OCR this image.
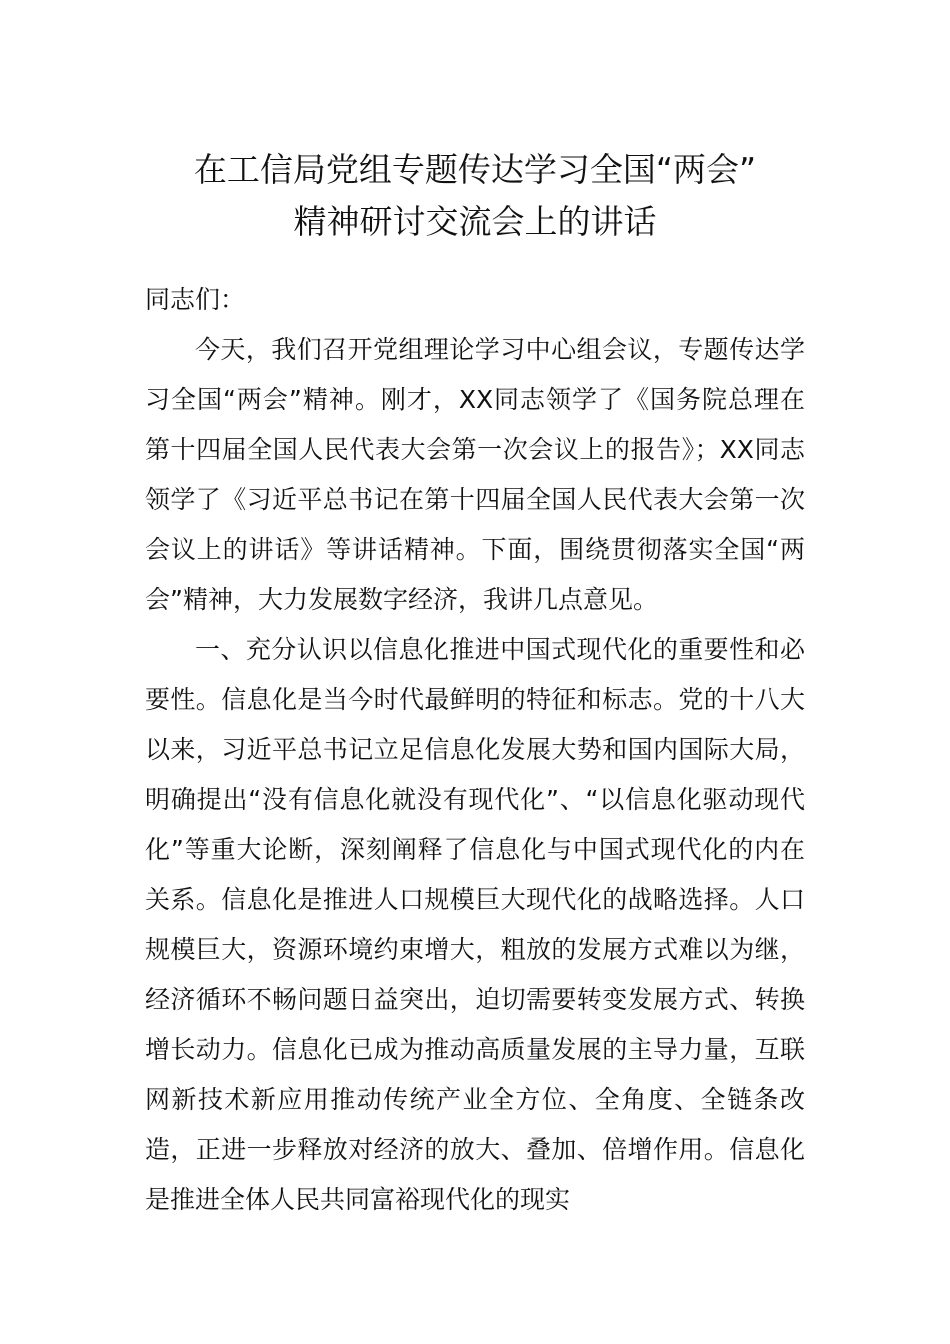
在工信局党组专题传达学习全国“两会”
精神研讨交流会上的讲话

同志们：

今天，我们召开党组理论学习中心组会议，专题传达学习全国“两会”精神。刚才，XX同志领学了《国务院总理在第十四届全国人民代表大会第一次会议上的报告》；XX同志领学了《习近平总书记在第十四届全国人民代表大会第一次会议上的讲话》等讲话精神。下面，围绕贯彻落实全国“两会”精神，大力发展数字经济，我讲几点意见。

一、充分认识以信息化推进中国式现代化的重要性和必要性。信息化是当今时代最鲜明的特征和标志。党的十八大以来，习近平总书记立足信息化发展大势和国内国际大局，明确提出“没有信息化就没有现代化”、“以信息化驱动现代化”等重大论断，深刻阐释了信息化与中国式现代化的内在关系。信息化是推进人口规模巨大现代化的战略选择。人口规模巨大，资源环境约束增大，粗放的发展方式难以为继，经济循环不畅问题日益突出，迫切需要转变发展方式、转换增长动力。信息化已成为推动高质量发展的主导力量，互联网新技术新应用推动传统产业全方位、全角度、全链条改造，正进一步释放对经济的放大、叠加、倍增作用。信息化是推进全体人民共同富裕现代化的现实
